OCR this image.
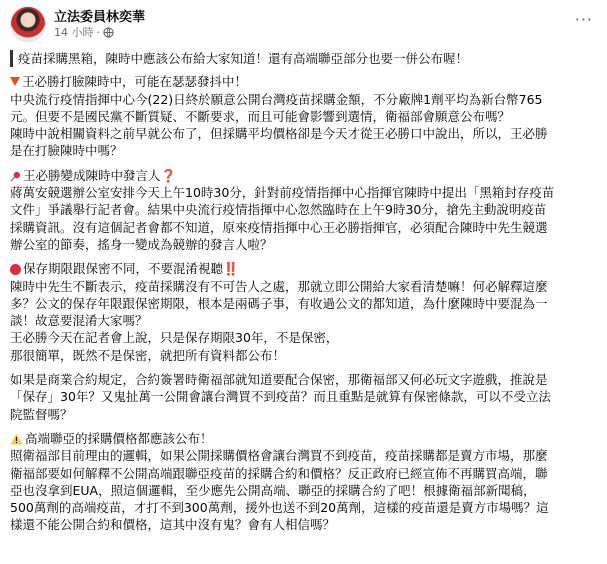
立法委員林奕華
14 小時 ·
···

疫苗採購黑箱，陳時中應該公布給大家知道！還有高端聯亞部分也要一併公布喔！

王必勝打臉陳時中，可能在瑟瑟發抖中！

中央流行疫情指揮中心今(22)日終於願意公開台灣疫苗採購金額，不分廠牌1劑平均為新台幣765

元。但要不是國民黨不斷質疑、不斷要求，而且可能會影響到選情，衛福部會願意公布嗎？

陳時中說相關資料之前早就公布了，但採購平均價格卻是今天才從王必勝口中說出，所以，王必勝

是在打臉陳時中嗎？

王必勝變成陳時中發言人❓

蔣萬安競選辦公室安排今天上午10時30分，針對前疫情指揮中心指揮官陳時中提出「黑箱封存疫苗

文件」爭議舉行記者會。結果中央流行疫情指揮中心忽然臨時在上午9時30分，搶先主動說明疫苗

採購資訊。沒有這個記者會都不知道，原來疫情指揮中心王必勝指揮官，必須配合陳時中先生競選

辦公室的節奏，搖身一變成為競辦的發言人啦？

保存期限跟保密不同，不要混淆視聽‼️

陳時中先生不斷表示，疫苗採購沒有不可告人之處，那就立即公開給大家看清楚嘛！何必解釋這麼

多？公文的保存年限跟保密期限，根本是兩碼子事，有收過公文的都知道，為什麼陳時中要混為一

談！故意要混淆大家嗎？

王必勝今天在記者會上說，只是保存期限30年，不是保密，

那很簡單，既然不是保密，就把所有資料都公布！

如果是商業合約規定，合約簽署時衛福部就知道要配合保密，那衛福部又何必玩文字遊戲，推說是

「保存」30年？又鬼扯萬一公開會讓台灣買不到疫苗？而且重點是就算有保密條款，可以不受立法

院監督嗎？

高端聯亞的採購價格都應該公布！

照衛福部目前理由的邏輯，如果公開採購價格會讓台灣買不到疫苗，疫苗採購都是賣方市場，那麼

衛福部要如何解釋不公開高端跟聯亞疫苗的採購合約和價格？反正政府已經宣佈不再購買高端，聯

亞也沒拿到EUA，照這個邏輯，至少應先公開高端、聯亞的採購合約了吧！根據衛福部新聞稿，

500萬劑的高端疫苗，才打不到300萬劑，援外也送不到20萬劑，這樣的疫苗還是賣方市場嗎？這

樣還不能公開合約和價格，這其中沒有鬼？會有人相信嗎？
